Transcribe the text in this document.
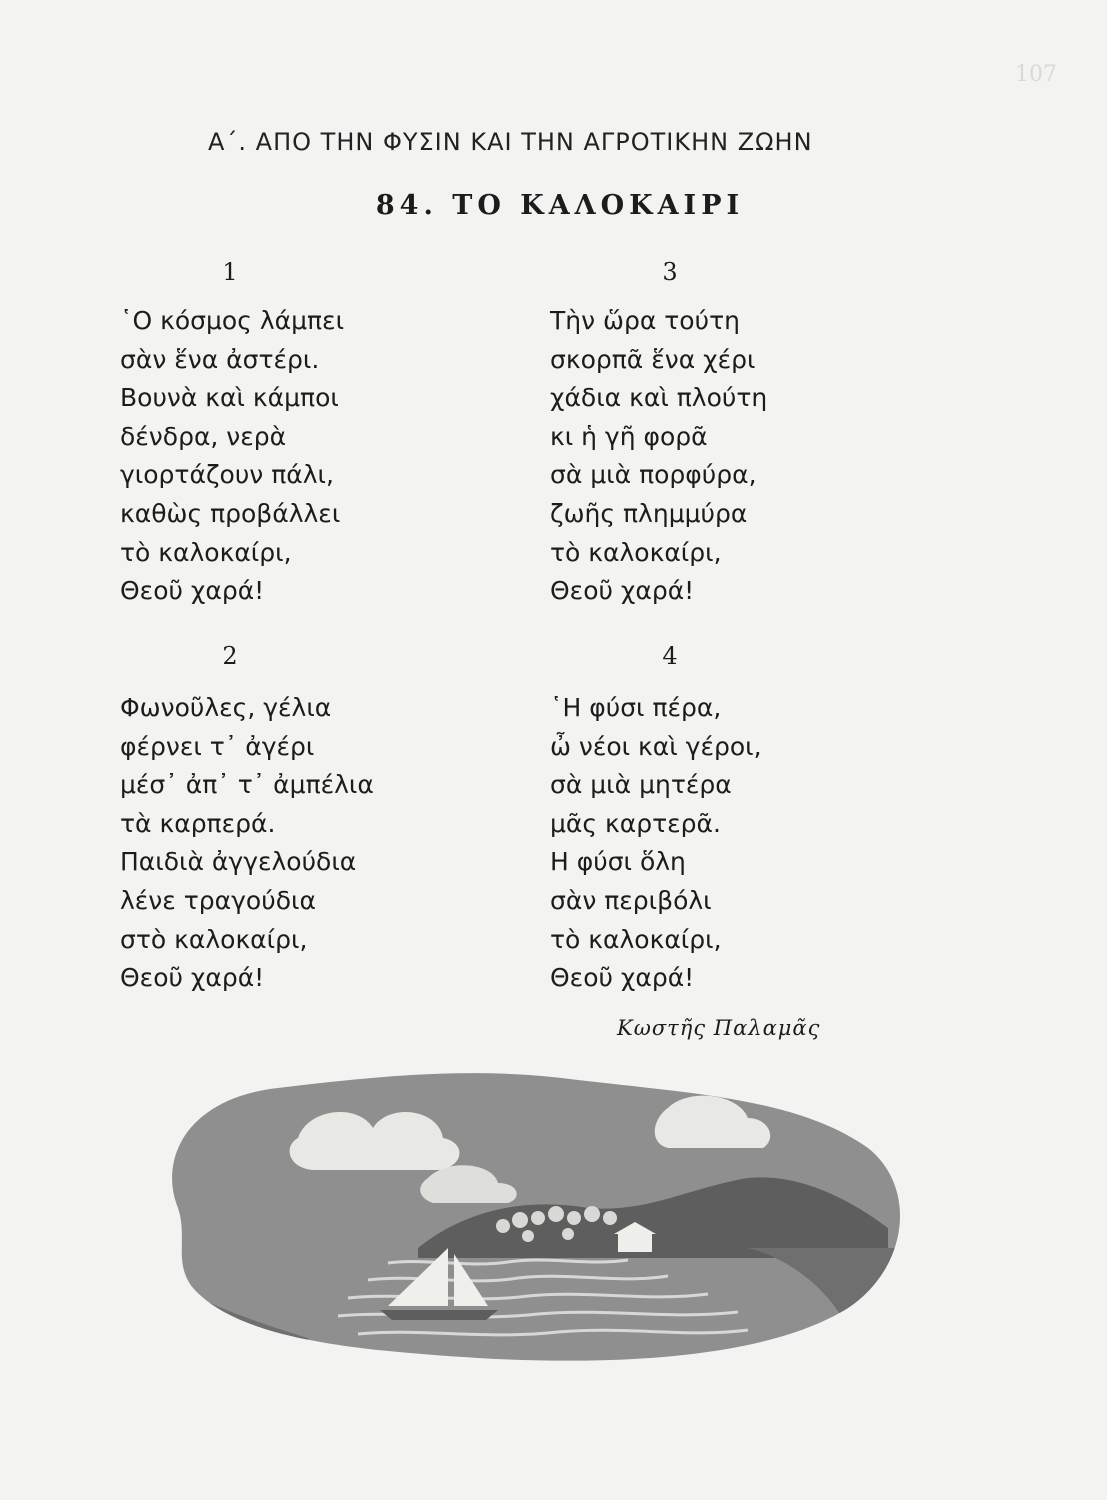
107
Α΄. ΑΠΟ ΤΗΝ ΦΥΣΙΝ ΚΑΙ ΤΗΝ ΑΓΡΟΤΙΚΗΝ ΖΩΗΝ
84. ΤΟ ΚΑΛΟΚΑΙΡΙ
1
῾Ο κόσμος λάμπει
σὰν ἕνα ἀστέρι.
Βουνὰ καὶ κάμποι
δένδρα, νερὰ
γιορτάζουν πάλι,
καθὼς προβάλλει
τὸ καλοκαίρι,
Θεοῦ χαρά!
2
Φωνοῦλες, γέλια
φέρνει τ᾿ ἀγέρι
μέσ᾿ ἀπ᾿ τ᾿ ἀμπέλια
τὰ καρπερά.
Παιδιὰ ἀγγελούδια
λένε τραγούδια
στὸ καλοκαίρι,
Θεοῦ χαρά!
3
Τὴν ὥρα τούτη
σκορπᾶ ἕνα χέρι
χάδια καὶ πλούτη
κι ἡ γῆ φορᾶ
σὰ μιὰ πορφύρα,
ζωῆς πλημμύρα
τὸ καλοκαίρι,
Θεοῦ χαρά!
4
῾Η φύσι πέρα,
ὦ νέοι καὶ γέροι,
σὰ μιὰ μητέρα
μᾶς καρτερᾶ.
Η φύσι ὅλη
σὰν περιβόλι
τὸ καλοκαίρι,
Θεοῦ χαρά!
Κωστῆς Παλαμᾶς
